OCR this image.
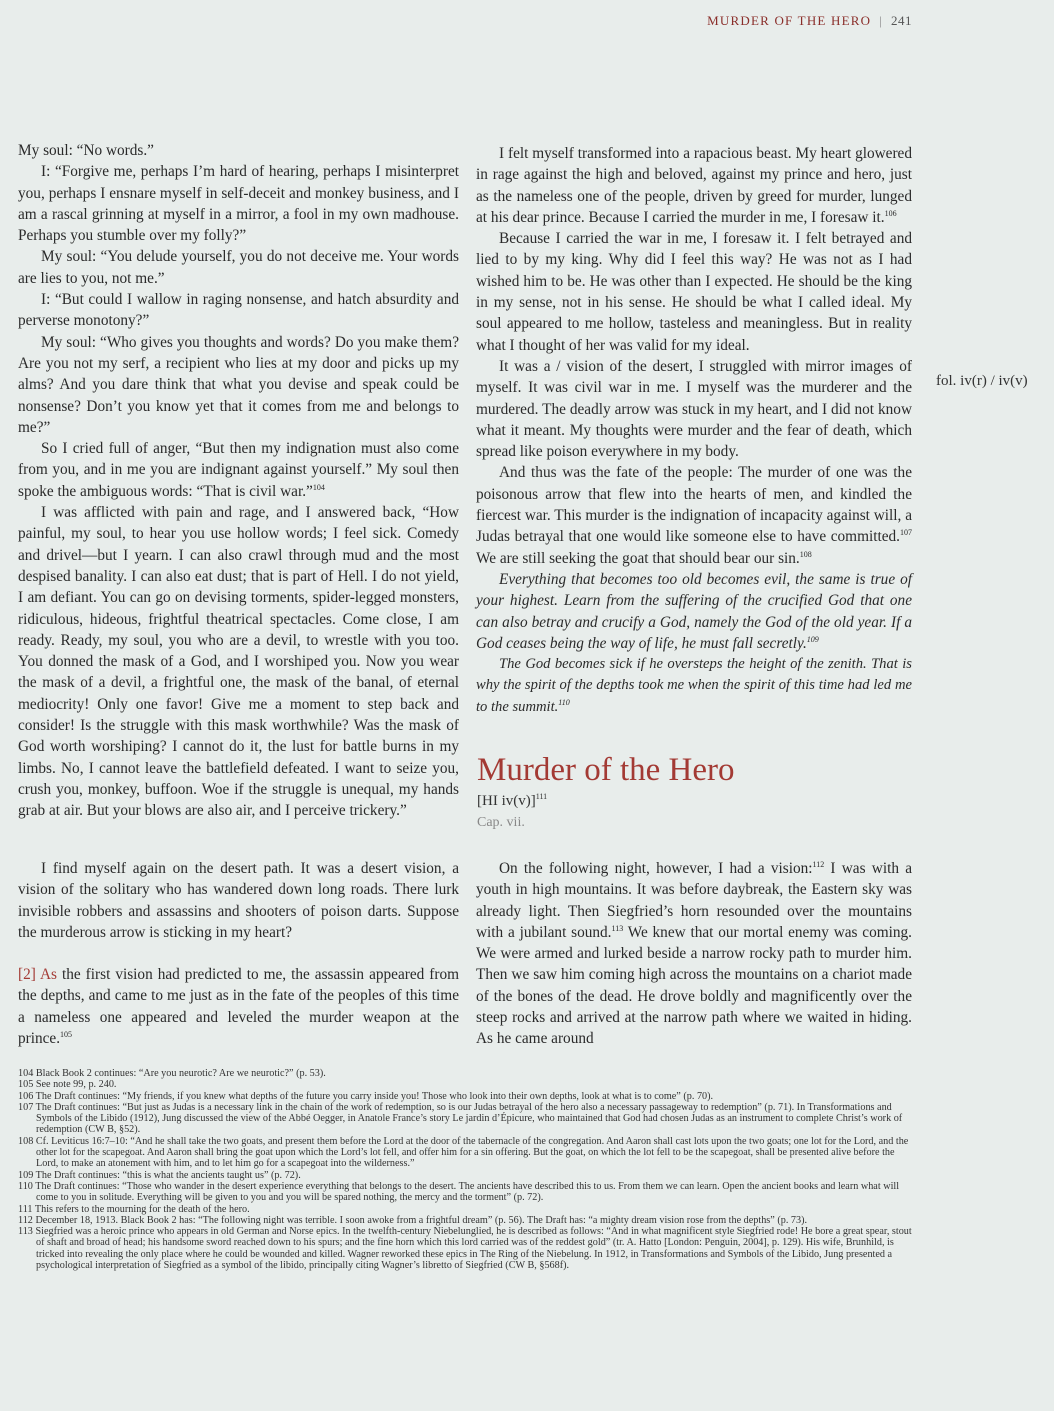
MURDER OF THE HERO | 241
fol. iv(r) / iv(v)

My soul: “No words.”

I: “Forgive me, perhaps I’m hard of hearing, perhaps I misinterpret you, perhaps I ensnare myself in self-deceit and monkey business, and I am a rascal grinning at myself in a mirror, a fool in my own madhouse. Perhaps you stumble over my folly?”

My soul: “You delude yourself, you do not deceive me. Your words are lies to you, not me.”

I: “But could I wallow in raging nonsense, and hatch absurdity and perverse monotony?”

My soul: “Who gives you thoughts and words? Do you make them? Are you not my serf, a recipient who lies at my door and picks up my alms? And you dare think that what you devise and speak could be nonsense? Don’t you know yet that it comes from me and belongs to me?”

So I cried full of anger, “But then my indignation must also come from you, and in me you are indignant against yourself.” My soul then spoke the ambiguous words: “That is civil war.”$^{104}$

I was afflicted with pain and rage, and I answered back, “How painful, my soul, to hear you use hollow words; I feel sick. Comedy and drivel—but I yearn. I can also crawl through mud and the most despised banality. I can also eat dust; that is part of Hell. I do not yield, I am defiant. You can go on devising torments, spider-legged monsters, ridiculous, hideous, frightful theatrical spectacles. Come close, I am ready. Ready, my soul, you who are a devil, to wrestle with you too. You donned the mask of a God, and I worshiped you. Now you wear the mask of a devil, a frightful one, the mask of the banal, of eternal mediocrity! Only one favor! Give me a moment to step back and consider! Is the struggle with this mask worthwhile? Was the mask of God worth worshiping? I cannot do it, the lust for battle burns in my limbs. No, I cannot leave the battlefield defeated. I want to seize you, crush you, monkey, buffoon. Woe if the struggle is unequal, my hands grab at air. But your blows are also air, and I perceive trickery.”

I felt myself transformed into a rapacious beast. My heart glowered in rage against the high and beloved, against my prince and hero, just as the nameless one of the people, driven by greed for murder, lunged at his dear prince. Because I carried the murder in me, I foresaw it.$^{106}$

Because I carried the war in me, I foresaw it. I felt betrayed and lied to by my king. Why did I feel this way? He was not as I had wished him to be. He was other than I expected. He should be the king in my sense, not in his sense. He should be what I called ideal. My soul appeared to me hollow, tasteless and meaningless. But in reality what I thought of her was valid for my ideal.

It was a / vision of the desert, I struggled with mirror images of myself. It was civil war in me. I myself was the murderer and the murdered. The deadly arrow was stuck in my heart, and I did not know what it meant. My thoughts were murder and the fear of death, which spread like poison everywhere in my body.

And thus was the fate of the people: The murder of one was the poisonous arrow that flew into the hearts of men, and kindled the fiercest war. This murder is the indignation of incapacity against will, a Judas betrayal that one would like someone else to have committed.$^{107}$ We are still seeking the goat that should bear our sin.$^{108}$

Everything that becomes too old becomes evil, the same is true of your highest. Learn from the suffering of the crucified God that one can also betray and crucify a God, namely the God of the old year. If a God ceases being the way of life, he must fall secretly.$^{109}$

The God becomes sick if he oversteps the height of the zenith. That is why the spirit of the depths took me when the spirit of this time had led me to the summit.$^{110}$

Murder of the Hero
[HI iv(v)]$^{111}$
Cap. vii.

I find myself again on the desert path. It was a desert vision, a vision of the solitary who has wandered down long roads. There lurk invisible robbers and assassins and shooters of poison darts. Suppose the murderous arrow is sticking in my heart?

[2] As the first vision had predicted to me, the assassin appeared from the depths, and came to me just as in the fate of the peoples of this time a nameless one appeared and leveled the murder weapon at the prince.$^{105}$

On the following night, however, I had a vision:$^{112}$ I was with a youth in high mountains. It was before daybreak, the Eastern sky was already light. Then Siegfried’s horn resounded over the mountains with a jubilant sound.$^{113}$ We knew that our mortal enemy was coming. We were armed and lurked beside a narrow rocky path to murder him. Then we saw him coming high across the mountains on a chariot made of the bones of the dead. He drove boldly and magnificently over the steep rocks and arrived at the narrow path where we waited in hiding. As he came around

104 Black Book 2 continues: “Are you neurotic? Are we neurotic?” (p. 53).

105 See note 99, p. 240.

106 The Draft continues: “My friends, if you knew what depths of the future you carry inside you! Those who look into their own depths, look at what is to come” (p. 70).

107 The Draft continues: “But just as Judas is a necessary link in the chain of the work of redemption, so is our Judas betrayal of the hero also a necessary passageway to redemption” (p. 71). In Transformations and Symbols of the Libido (1912), Jung discussed the view of the Abbé Oegger, in Anatole France’s story Le jardin d’Épicure, who maintained that God had chosen Judas as an instrument to complete Christ’s work of redemption (CW B, §52).

108 Cf. Leviticus 16:7–10: “And he shall take the two goats, and present them before the Lord at the door of the tabernacle of the congregation. And Aaron shall cast lots upon the two goats; one lot for the Lord, and the other lot for the scapegoat. And Aaron shall bring the goat upon which the Lord’s lot fell, and offer him for a sin offering. But the goat, on which the lot fell to be the scapegoat, shall be presented alive before the Lord, to make an atonement with him, and to let him go for a scapegoat into the wilderness.”

109 The Draft continues: “this is what the ancients taught us” (p. 72).

110 The Draft continues: “Those who wander in the desert experience everything that belongs to the desert. The ancients have described this to us. From them we can learn. Open the ancient books and learn what will come to you in solitude. Everything will be given to you and you will be spared nothing, the mercy and the torment” (p. 72).

111 This refers to the mourning for the death of the hero.

112 December 18, 1913. Black Book 2 has: “The following night was terrible. I soon awoke from a frightful dream” (p. 56). The Draft has: “a mighty dream vision rose from the depths” (p. 73).

113 Siegfried was a heroic prince who appears in old German and Norse epics. In the twelfth-century Niebelunglied, he is described as follows: “And in what magnificent style Siegfried rode! He bore a great spear, stout of shaft and broad of head; his handsome sword reached down to his spurs; and the fine horn which this lord carried was of the reddest gold” (tr. A. Hatto [London: Penguin, 2004], p. 129). His wife, Brunhild, is tricked into revealing the only place where he could be wounded and killed. Wagner reworked these epics in The Ring of the Niebelung. In 1912, in Transformations and Symbols of the Libido, Jung presented a psychological interpretation of Siegfried as a symbol of the libido, principally citing Wagner’s libretto of Siegfried (CW B, §568f).
